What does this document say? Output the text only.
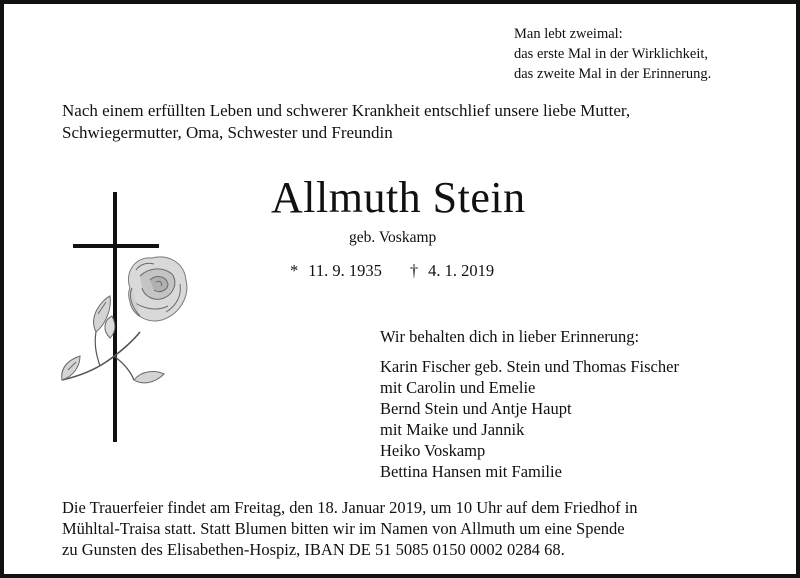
Man lebt zweimal:
das erste Mal in der Wirklichkeit,
das zweite Mal in der Erinnerung.
Nach einem erfüllten Leben und schwerer Krankheit entschlief unsere liebe Mutter,
Schwiegermutter, Oma, Schwester und Freundin
Allmuth Stein
geb. Voskamp
* 11. 9. 1935 † 4. 1. 2019
Wir behalten dich in lieber Erinnerung:
Karin Fischer geb. Stein und Thomas Fischer
mit Carolin und Emelie
Bernd Stein und Antje Haupt
mit Maike und Jannik
Heiko Voskamp
Bettina Hansen mit Familie
Die Trauerfeier findet am Freitag, den 18. Januar 2019, um 10 Uhr auf dem Friedhof in
Mühltal-Traisa statt. Statt Blumen bitten wir im Namen von Allmuth um eine Spende
zu Gunsten des Elisabethen-Hospiz, IBAN DE 51 5085 0150 0002 0284 68.
